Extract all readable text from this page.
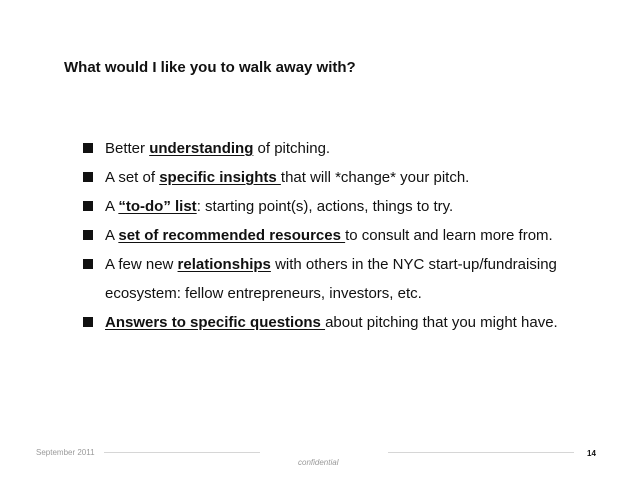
What would I like you to walk away with?
Better understanding of pitching.
A set of specific insights that will *change* your pitch.
A “to-do” list: starting point(s), actions, things to try.
A set of recommended resources to consult and learn more from.
A few new relationships with others in the NYC start-up/fundraising ecosystem: fellow entrepreneurs, investors, etc.
Answers to specific questions about pitching that you might have.
September 2011
confidential
14
